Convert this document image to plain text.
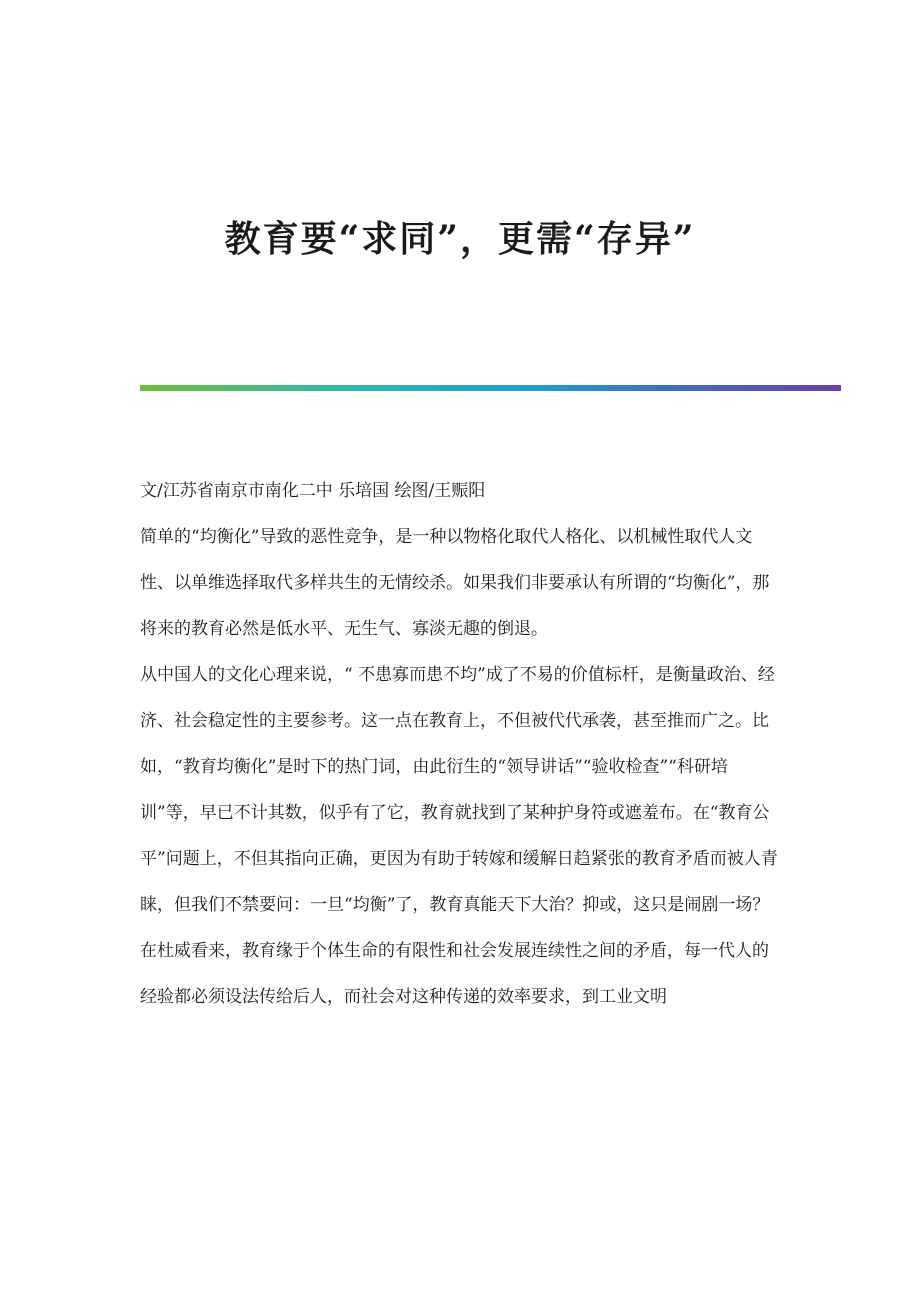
教育要“求同”，更需“存异”

文/江苏省南京市南化二中 乐培国 绘图/王赈阳

简单的“均衡化”导致的恶性竞争，是一种以物格化取代人格化、以机械性取代人文性、以单维选择取代多样共生的无情绞杀。如果我们非要承认有所谓的“均衡化”，那将来的教育必然是低水平、无生气、寡淡无趣的倒退。

从中国人的文化心理来说，“ 不患寡而患不均”成了不易的价值标杆，是衡量政治、经济、社会稳定性的主要参考。这一点在教育上，不但被代代承袭，甚至推而广之。比如，“教育均衡化”是时下的热门词，由此衍生的“领导讲话”“验收检查”“科研培训”等，早已不计其数，似乎有了它，教育就找到了某种护身符或遮羞布。在“教育公平”问题上，不但其指向正确，更因为有助于转嫁和缓解日趋紧张的教育矛盾而被人青睐，但我们不禁要问：一旦“均衡”了，教育真能天下大治？抑或，这只是闹剧一场？

在杜威看来，教育缘于个体生命的有限性和社会发展连续性之间的矛盾，每一代人的经验都必须设法传给后人，而社会对这种传递的效率要求，到工业文明
